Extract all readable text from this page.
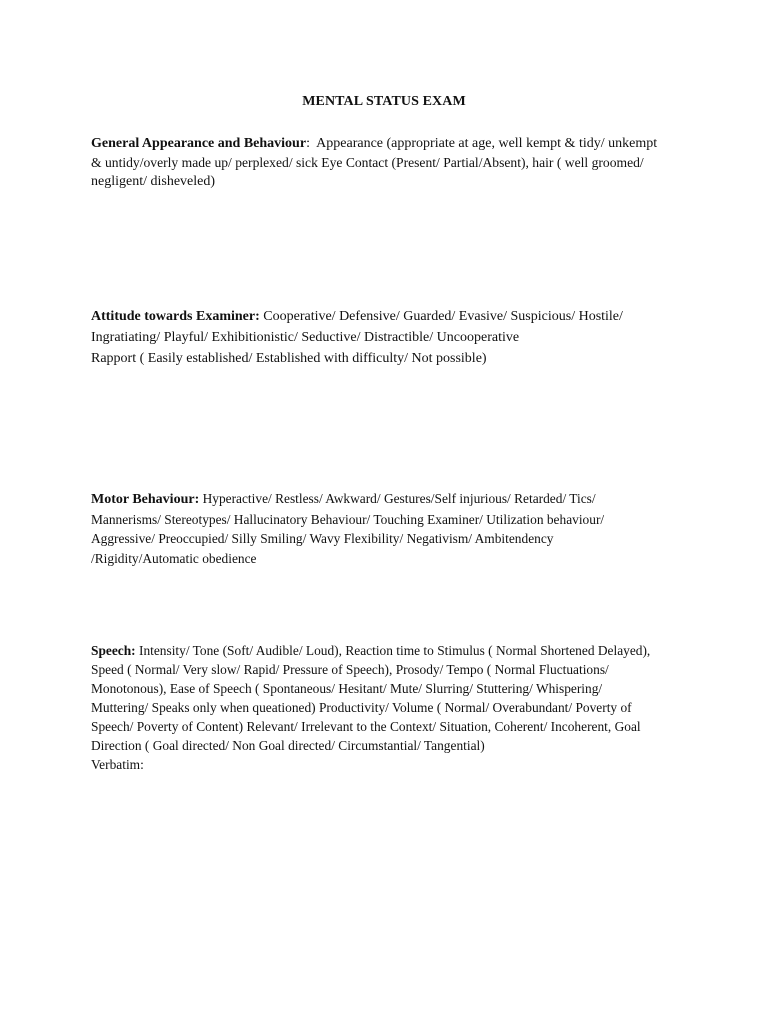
MENTAL STATUS EXAM
General Appearance and Behaviour:  Appearance (appropriate at age, well kempt & tidy/ unkempt
& untidy/overly made up/ perplexed/ sick Eye Contact (Present/ Partial/Absent), hair ( well groomed/
negligent/ disheveled)
Attitude towards Examiner: Cooperative/ Defensive/ Guarded/ Evasive/ Suspicious/ Hostile/
Ingratiating/ Playful/ Exhibitionistic/ Seductive/ Distractible/ Uncooperative
Rapport ( Easily established/ Established with difficulty/ Not possible)
Motor Behaviour: Hyperactive/ Restless/ Awkward/ Gestures/Self injurious/ Retarded/ Tics/
Mannerisms/ Stereotypes/ Hallucinatory Behaviour/ Touching Examiner/ Utilization behaviour/
Aggressive/ Preoccupied/ Silly Smiling/ Wavy Flexibility/ Negativism/ Ambitendency
/Rigidity/Automatic obedience
Speech: Intensity/ Tone (Soft/ Audible/ Loud), Reaction time to Stimulus ( Normal Shortened Delayed),
Speed ( Normal/ Very slow/ Rapid/ Pressure of Speech), Prosody/ Tempo ( Normal Fluctuations/
Monotonous), Ease of Speech ( Spontaneous/ Hesitant/ Mute/ Slurring/ Stuttering/ Whispering/
Muttering/ Speaks only when queationed) Productivity/ Volume ( Normal/ Overabundant/ Poverty of
Speech/ Poverty of Content) Relevant/ Irrelevant to the Context/ Situation, Coherent/ Incoherent, Goal
Direction ( Goal directed/ Non Goal directed/ Circumstantial/ Tangential)
Verbatim:
